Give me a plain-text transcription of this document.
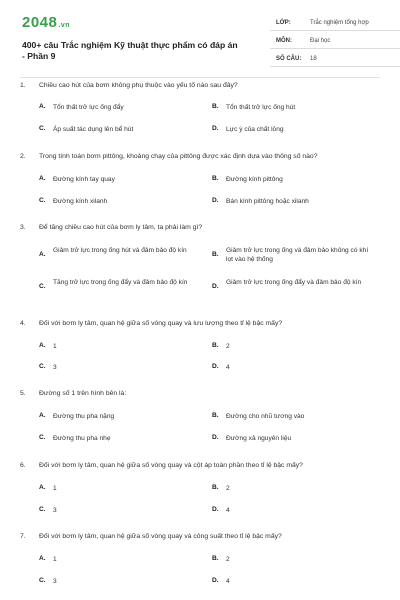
2048.vn
400+ câu Trắc nghiệm Kỹ thuật thực phẩm có đáp án - Phần 9
LỚP:	Trắc nghiệm tổng hợp
MÔN:	Đại học
SỐ CÂU: 18
1.	Chiều cao hút của bơm không phụ thuộc vào yếu tố nào sau đây?
A. Tổn thất trở lực ống đẩy	B. Tổn thất trở lực ống hút
C. Áp suất tác dụng lên bể hút	D. Lực ỳ của chất lỏng
2.	Trong tính toán bơm pittông, khoảng chạy của pittông được xác định dựa vào thông số nào?
A. Đường kính tay quay	B. Đường kính pittông
C. Đường kính xilanh	D. Bán kính pittông hoặc xilanh
3.	Để tăng chiều cao hút của bơm ly tâm, ta phải làm gì?
A.
Giảm trở lực trong ống hút và đảm bảo độ kín
B.
Giảm trở lực trong ống và đảm bảo không có khí lọt vào hệ thống
C.
Tăng trở lực trong ống đẩy và đảm bảo độ kín
D.
Giảm trở lực trong ống đẩy và đảm bảo độ kín
4.	Đối với bơm ly tâm, quan hệ giữa số vòng quay và lưu lượng theo tỉ lệ bậc mấy?
A. 1	B. 2
C. 3	D. 4
5.	Đường số 1 trên hình bên là:
A. Đường thu pha nặng	B. Đường cho nhũ tương vào
C. Đường thu pha nhẹ	D. Đường xả nguyên liệu
6.	Đối với bơm ly tâm, quan hệ giữa số vòng quay và cột áp toàn phần theo tỉ lệ bậc mấy?
A. 1	B. 2
C. 3	D. 4
7.	Đối với bơm ly tâm, quan hệ giữa số vòng quay và công suất theo tỉ lệ bậc mấy?
A. 1	B. 2
C. 3	D. 4
